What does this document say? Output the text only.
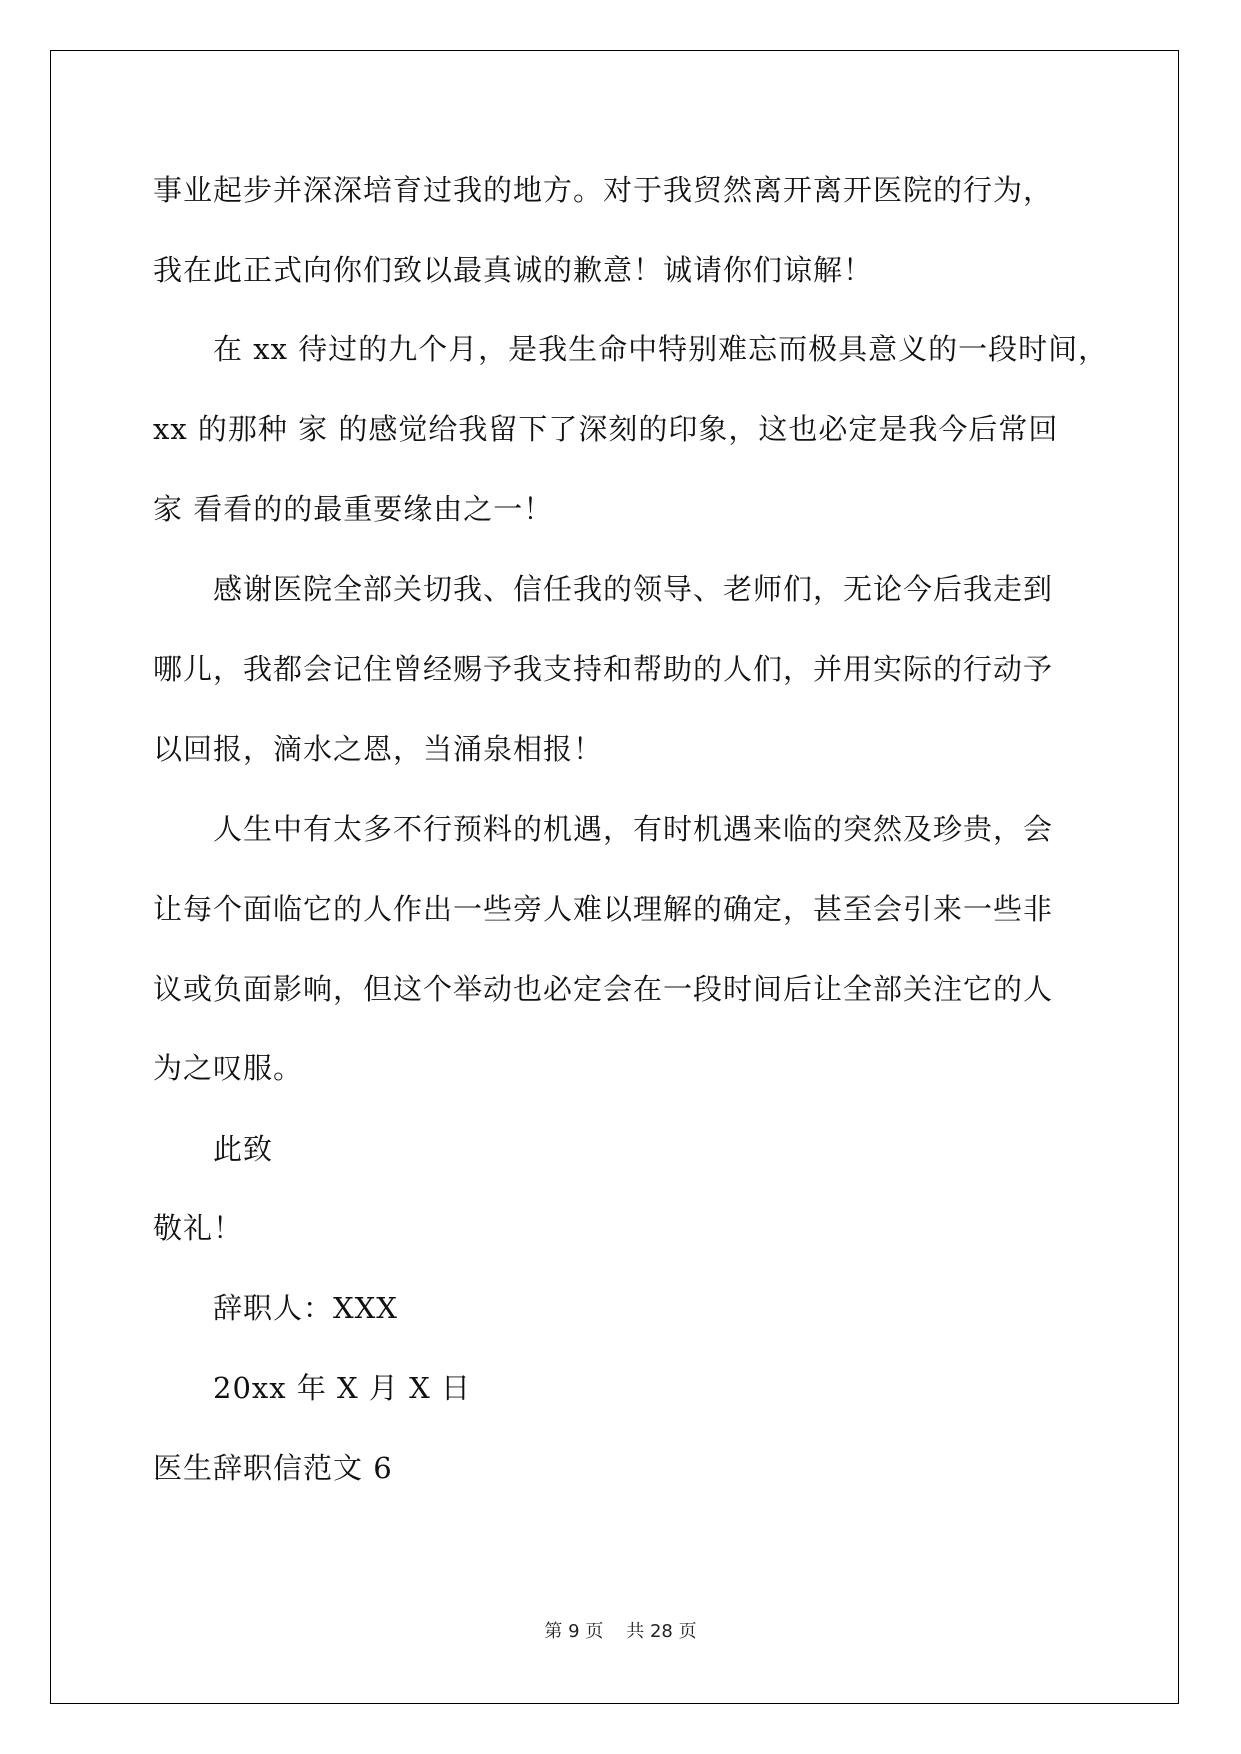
事业起步并深深培育过我的地方。对于我贸然离开离开医院的行为，

我在此正式向你们致以最真诚的歉意！诚请你们谅解！

在 xx 待过的九个月，是我生命中特别难忘而极具意义的一段时间，

xx 的那种 家 的感觉给我留下了深刻的印象，这也必定是我今后常回

家 看看的的最重要缘由之一！

感谢医院全部关切我、信任我的领导、老师们，无论今后我走到

哪儿，我都会记住曾经赐予我支持和帮助的人们，并用实际的行动予

以回报，滴水之恩，当涌泉相报！

人生中有太多不行预料的机遇，有时机遇来临的突然及珍贵，会

让每个面临它的人作出一些旁人难以理解的确定，甚至会引来一些非

议或负面影响，但这个举动也必定会在一段时间后让全部关注它的人

为之叹服。

此致

敬礼！

辞职人：XXX

20xx 年 X 月 X 日

医生辞职信范文 6

第 9 页 共 28 页
